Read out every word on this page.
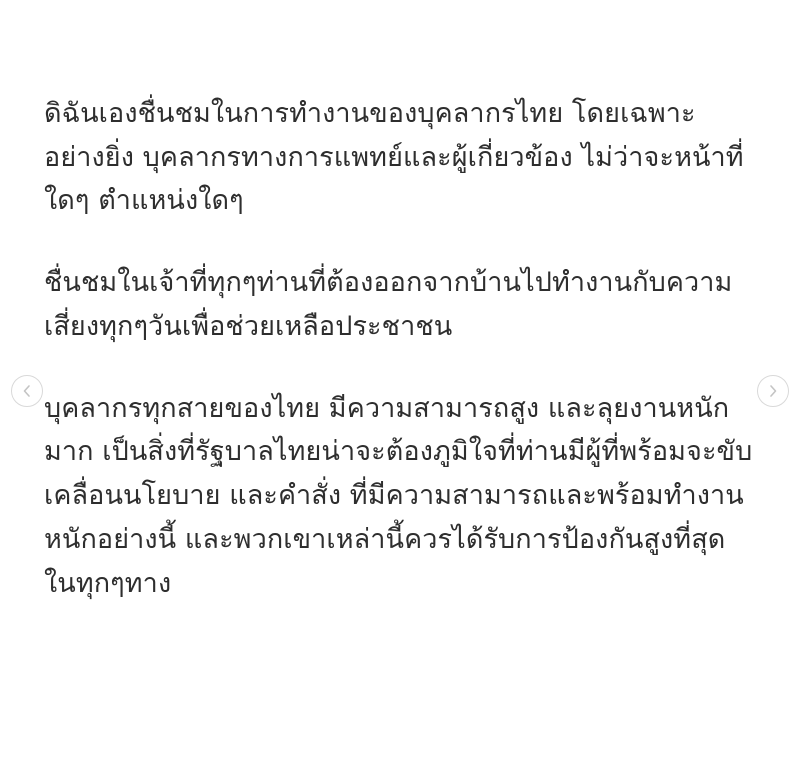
ดิฉันเองชื่นชมในการทำงานของบุคลากรไทย โดยเฉพาะอย่างยิ่ง บุคลากรทางการแพทย์และผู้เกี่ยวข้อง ไม่ว่าจะหน้าที่ใดๆ ตำแหน่งใดๆ

ชื่นชมในเจ้าที่ทุกๆท่านที่ต้องออกจากบ้านไปทำงานกับความเสี่ยงทุกๆวันเพื่อช่วยเหลือประชาชน

บุคลากรทุกสายของไทย มีความสามารถสูง และลุยงานหนักมาก เป็นสิ่งที่รัฐบาลไทยน่าจะต้องภูมิใจที่ท่านมีผู้ที่พร้อมจะขับเคลื่อนนโยบาย และคำสั่ง ที่มีความสามารถและพร้อมทำงานหนักอย่างนี้ และพวกเขาเหล่านี้ควรได้รับการป้องกันสูงที่สุดในทุกๆทาง
